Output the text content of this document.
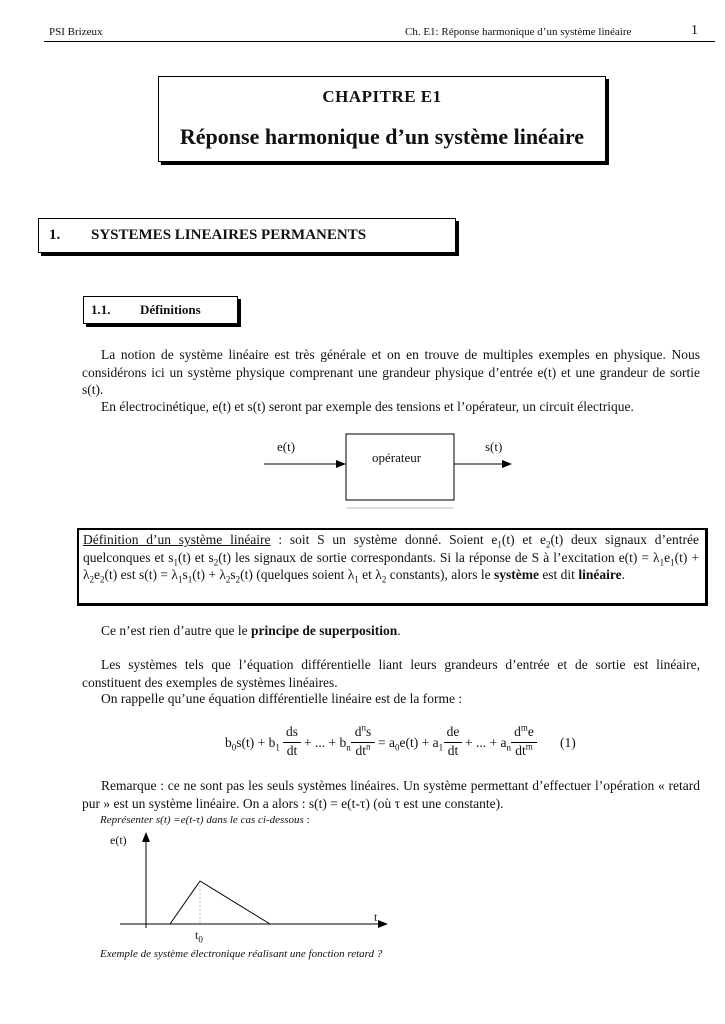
PSI Brizeux	Ch. E1: Réponse harmonique d’un système linéaire	1
CHAPITRE E1
Réponse harmonique d’un système linéaire
1. SYSTEMES LINEAIRES PERMANENTS
1.1. Définitions
La notion de système linéaire est très générale et on en trouve de multiples exemples en physique. Nous considérons ici un système physique comprenant une grandeur physique d’entrée e(t) et une grandeur de sortie s(t).
En électrocinétique, e(t) et s(t) seront par exemple des tensions et l’opérateur, un circuit électrique.
e(t)	s(t)
opérateur
Définition d’un système linéaire : soit S un système donné. Soient $e_1(t)$ et $e_2(t)$ deux signaux d’entrée quelconques et $s_1(t)$ et $s_2(t)$ les signaux de sortie correspondants. Si la réponse de S à l’excitation $e(t) = \lambda_1e_1(t) + \lambda_2e_2(t)$ est $s(t) = \lambda_1s_1(t) + \lambda_2s_2(t)$ (quelques soient $\lambda_1$ et $\lambda_2$ constants), alors le système est dit linéaire.
Ce n’est rien d’autre que le principe de superposition.
Les systèmes tels que l’équation différentielle liant leurs grandeurs d’entrée et de sortie est linéaire, constituent des exemples de systèmes linéaires.
On rappelle qu’une équation différentielle linéaire est de la forme :
$b_0s(t) + b_1$
ds
dt
+ ... + $b_n$
$d^ns$
$dt^n = a_0e(t) + a_1$
de
dt
+ ... + $a_n$
$d^me$
$dt^m$	(1)
Remarque : ce ne sont pas les seuls systèmes linéaires. Un système permettant d’effectuer l’opération « retard pur » est un système linéaire. On a alors : s(t) = e(t-τ) (où τ est une constante).
Représenter s(t) =e(t-τ) dans le cas ci-dessous :
e(t)
t
$t_0$
Exemple de système électronique réalisant une fonction retard ?
